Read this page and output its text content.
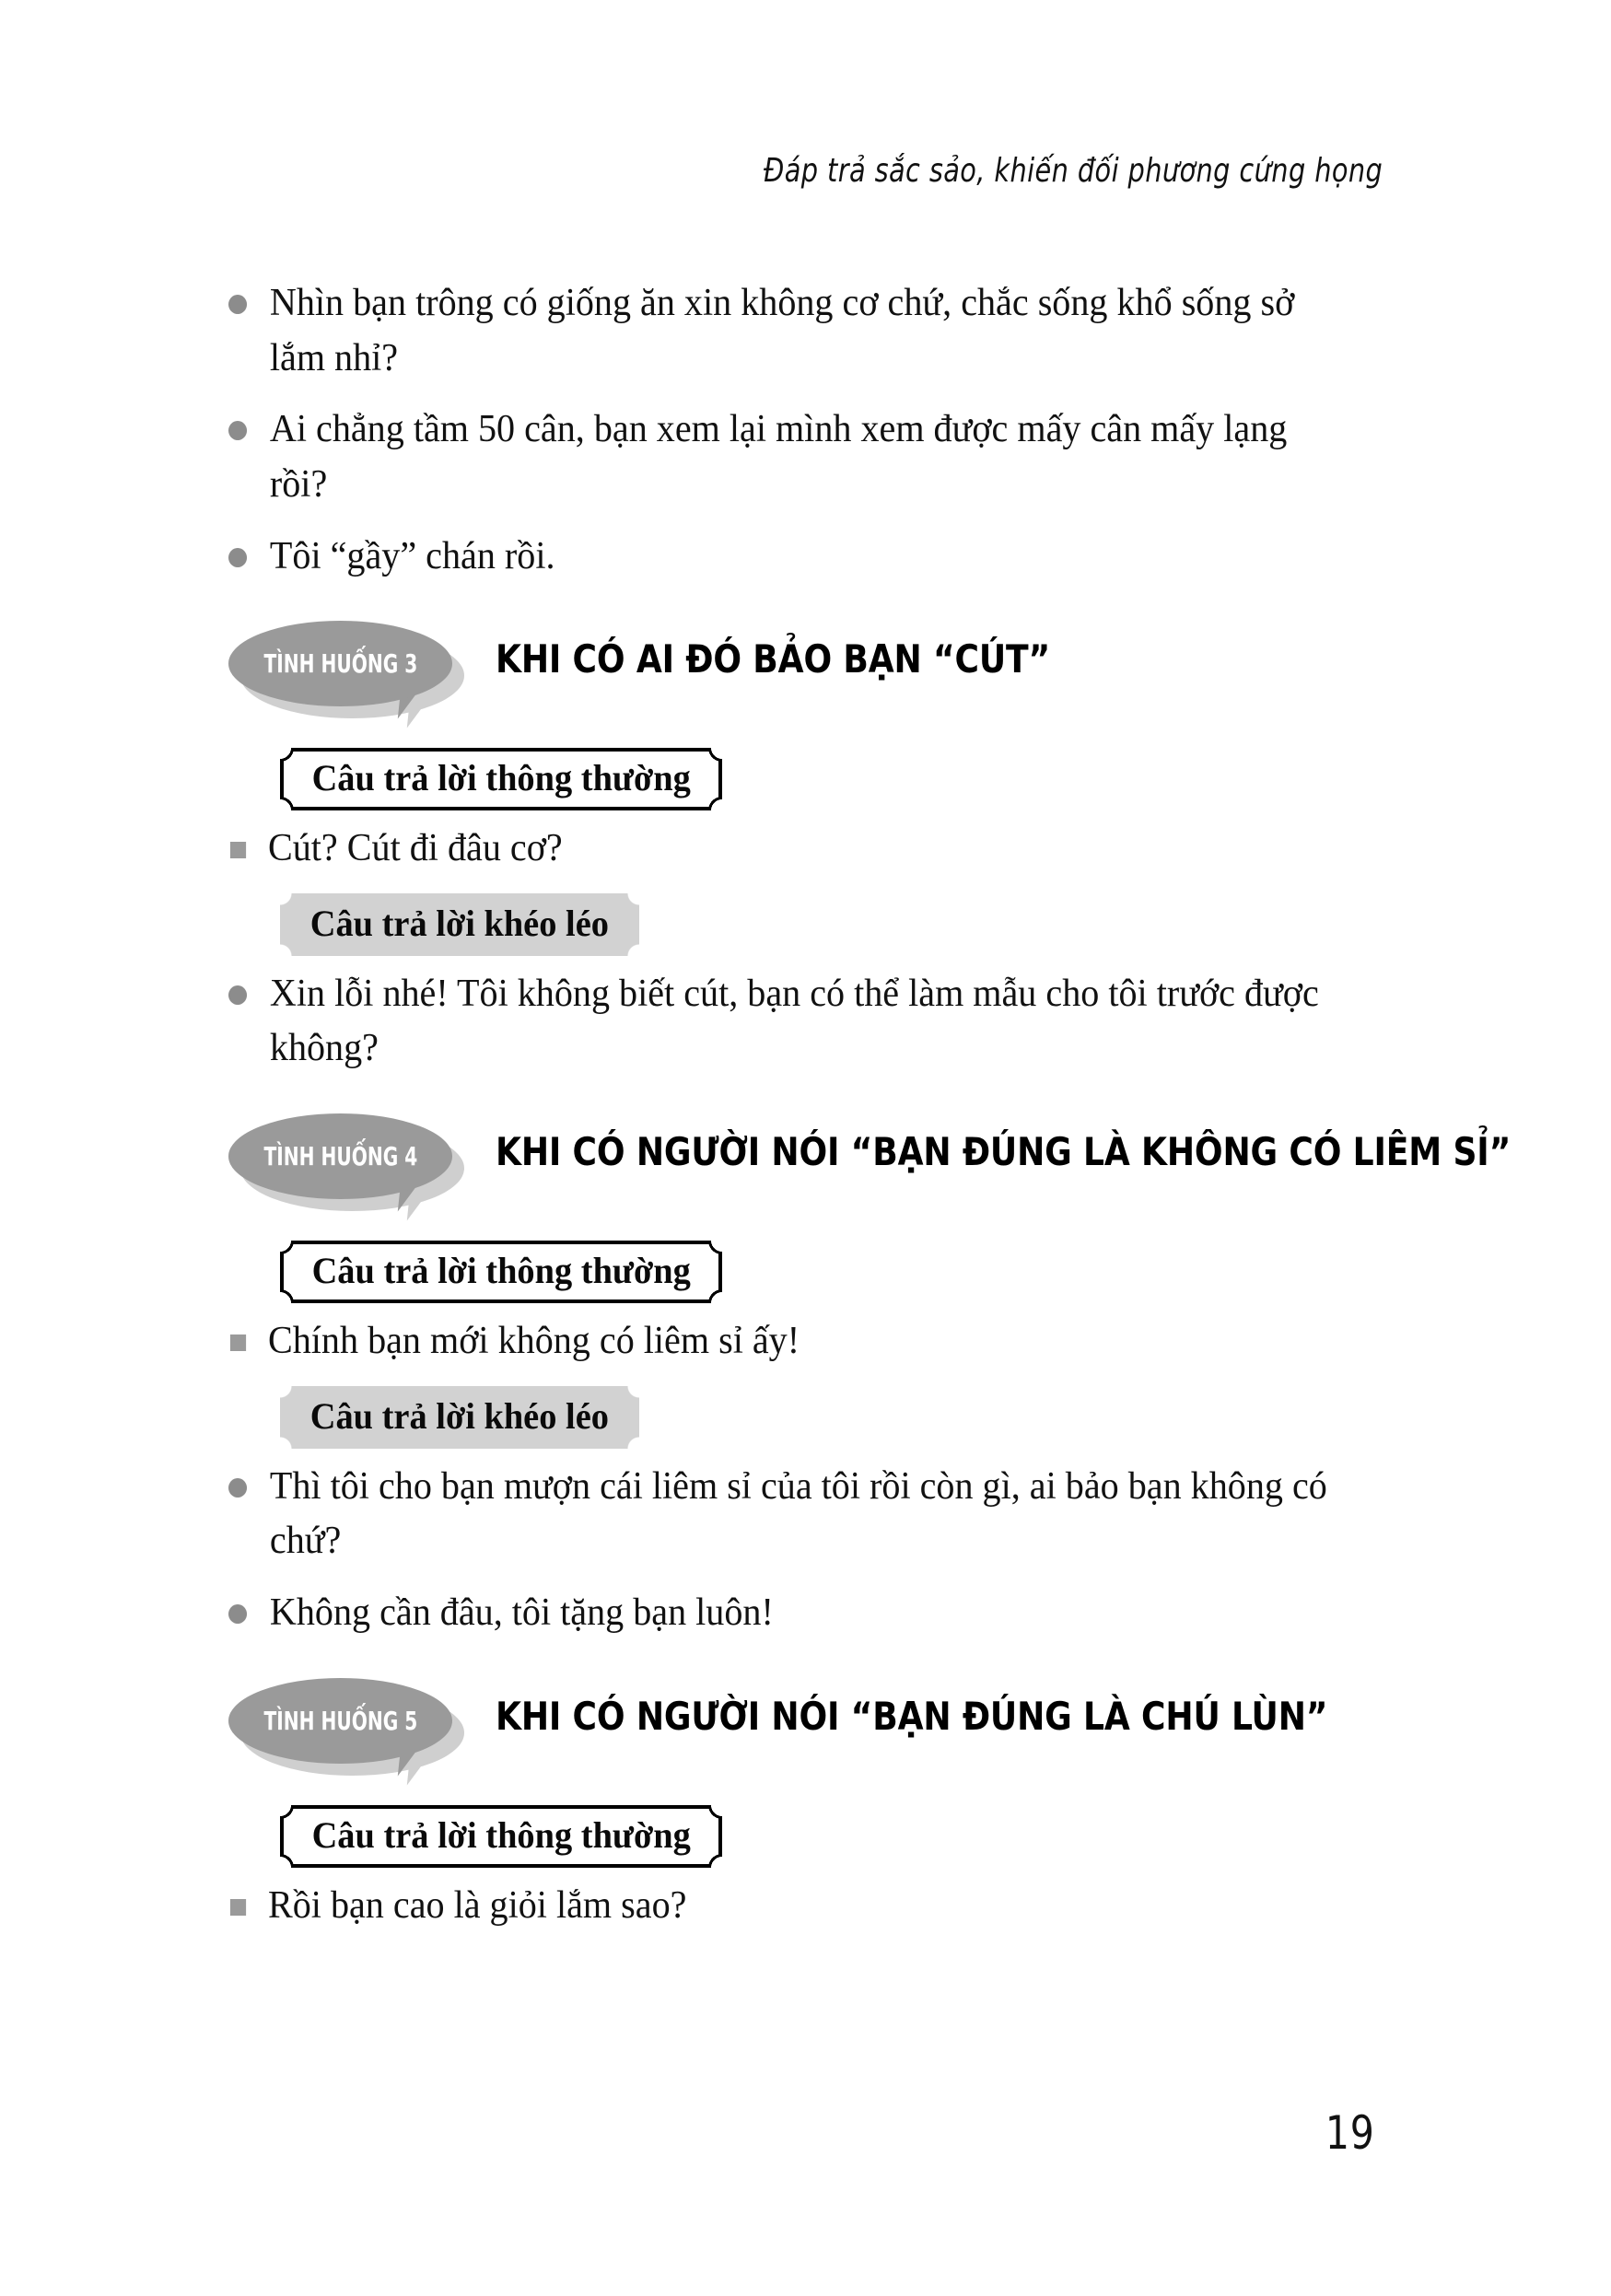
Đáp trả sắc sảo, khiến đối phương cứng họng

Nhìn bạn trông có giống ăn xin không cơ chứ, chắc sống khổ sống sở lắm nhỉ?

Ai chẳng tầm 50 cân, bạn xem lại mình xem được mấy cân mấy lạng rồi?

Tôi “gầy” chán rồi.

TÌNH HUỐNG 3 KHI CÓ AI ĐÓ BẢO BẠN “CÚT”
Câu trả lời thông thường

Cút? Cút đi đâu cơ?

Câu trả lời khéo léo

Xin lỗi nhé! Tôi không biết cút, bạn có thể làm mẫu cho tôi trước được không?

TÌNH HUỐNG 4 KHI CÓ NGƯỜI NÓI “BẠN ĐÚNG LÀ KHÔNG CÓ LIÊM SỈ”
Câu trả lời thông thường

Chính bạn mới không có liêm sỉ ấy!

Câu trả lời khéo léo

Thì tôi cho bạn mượn cái liêm sỉ của tôi rồi còn gì, ai bảo bạn không có chứ?

Không cần đâu, tôi tặng bạn luôn!

TÌNH HUỐNG 5 KHI CÓ NGƯỜI NÓI “BẠN ĐÚNG LÀ CHÚ LÙN”
Câu trả lời thông thường

Rồi bạn cao là giỏi lắm sao?

19
